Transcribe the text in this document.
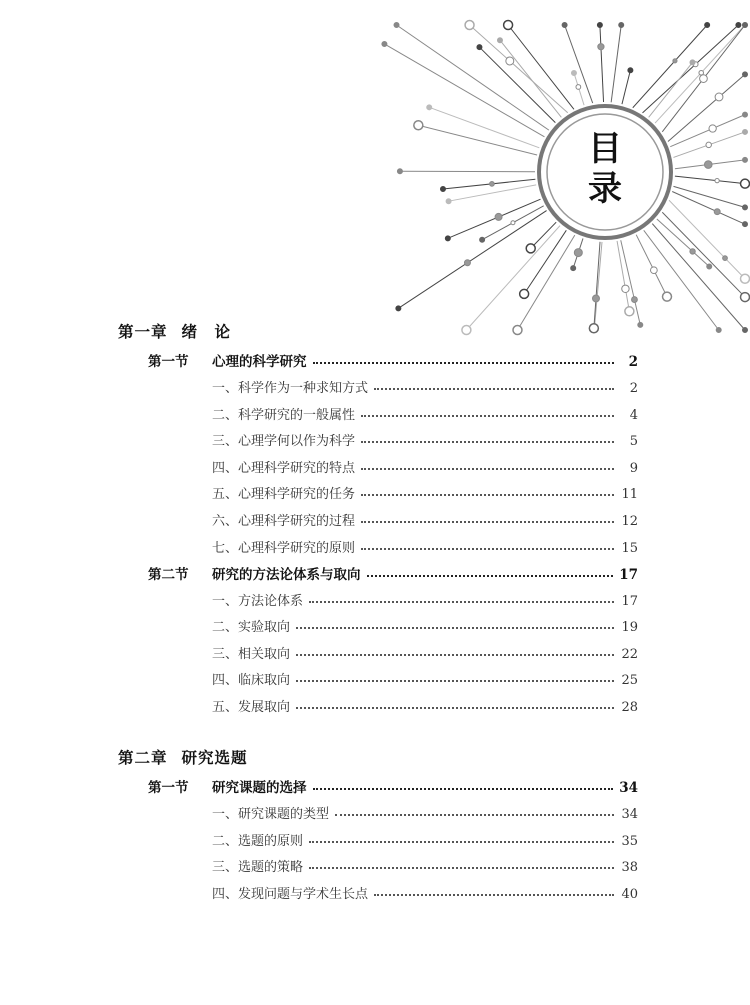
目
录
第一章 绪　论
第一节	心理的科学研究	2
一、科学作为一种求知方式	2
二、科学研究的一般属性	4
三、心理学何以作为科学	5
四、心理科学研究的特点	9
五、心理科学研究的任务	11
六、心理科学研究的过程	12
七、心理科学研究的原则	15
第二节	研究的方法论体系与取向	17
一、方法论体系	17
二、实验取向	19
三、相关取向	22
四、临床取向	25
五、发展取向	28
第二章 研究选题
第一节	研究课题的选择	34
一、研究课题的类型	34
二、选题的原则	35
三、选题的策略	38
四、发现问题与学术生长点	40
